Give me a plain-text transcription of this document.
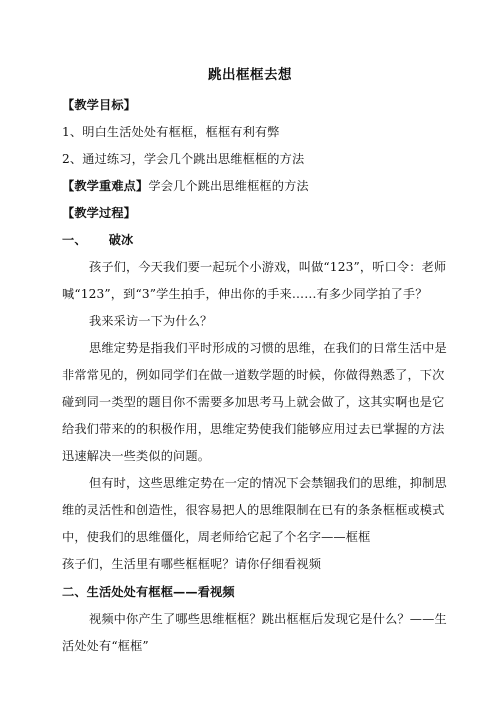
跳出框框去想
【教学目标】
1、明白生活处处有框框，框框有利有弊
2、通过练习，学会几个跳出思维框框的方法
【教学重难点】学会几个跳出思维框框的方法
【教学过程】
一、 破冰
孩子们，今天我们要一起玩个小游戏，叫做“123”，听口令：老师
喊“123”，到“3”学生拍手，伸出你的手来……有多少同学拍了手？
我来采访一下为什么？
思维定势是指我们平时形成的习惯的思维，在我们的日常生活中是
非常常见的，例如同学们在做一道数学题的时候，你做得熟悉了，下次
碰到同一类型的题目你不需要多加思考马上就会做了，这其实啊也是它
给我们带来的的积极作用，思维定势使我们能够应用过去已掌握的方法
迅速解决一些类似的问题。
但有时，这些思维定势在一定的情况下会禁锢我们的思维，抑制思
维的灵活性和创造性，很容易把人的思维限制在已有的条条框框或模式
中，使我们的思维僵化，周老师给它起了个名字——框框
孩子们，生活里有哪些框框呢？请你仔细看视频
二、生活处处有框框——看视频
视频中你产生了哪些思维框框？跳出框框后发现它是什么？——生
活处处有“框框”
